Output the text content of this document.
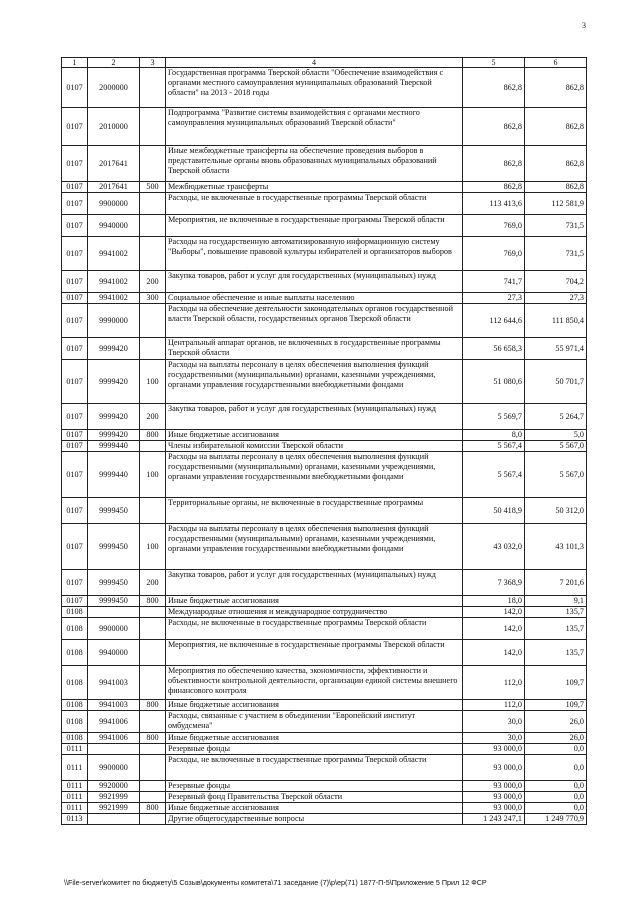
3
1	2	3	4	5	6
0107	2000000		Государственная программа Тверской области "Обеспечение взаимодействия с органами местного самоуправления муниципальных образований Тверской области" на 2013 - 2018 годы	862,8	862,8
0107	2010000		Подпрограмма "Развитие системы взаимодействия с органами местного самоуправления муниципальных образований Тверской области"	862,8	862,8
0107	2017641		Иные межбюджетные трансферты на обеспечение проведения выборов в представительные органы вновь образованных муниципальных образований Тверской области	862,8	862,8
0107	2017641	500	Межбюджетные трансферты	862,8	862,8
0107	9900000		Расходы, не включенные в государственные программы Тверской области	113 413,6	112 581,9
0107	9940000		Мероприятия, не включенные в государственные программы Тверской области	769,0	731,5
0107	9941002		Расходы на государственную автоматизированную информационную систему "Выборы", повышение правовой культуры избирателей и организаторов выборов	769,0	731,5
0107	9941002	200	Закупка товаров, работ и услуг для государственных (муниципальных) нужд	741,7	704,2
0107	9941002	300	Социальное обеспечение и иные выплаты населению	27,3	27,3
0107	9990000		Расходы на обеспечение деятельности законодательных органов государственной власти Тверской области, государственных органов Тверской области	112 644,6	111 850,4
0107	9999420		Центральный аппарат органов, не включенных в государственные программы Тверской области	56 658,3	55 971,4
0107	9999420	100	Расходы на выплаты персоналу в целях обеспечения выполнения функций государственными (муниципальными) органами, казенными учреждениями, органами управления государственными внебюджетными фондами	51 080,6	50 701,7
0107	9999420	200	Закупка товаров, работ и услуг для государственных (муниципальных) нужд	5 569,7	5 264,7
0107	9999420	800	Иные бюджетные ассигнования	8,0	5,0
0107	9999440		Члены избирательной комиссии Тверской области	5 567,4	5 567,0
0107	9999440	100	Расходы на выплаты персоналу в целях обеспечения выполнения функций государственными (муниципальными) органами, казенными учреждениями, органами управления государственными внебюджетными фондами	5 567,4	5 567,0
0107	9999450		Территориальные органы, не включенные в государственные программы	50 418,9	50 312,0
0107	9999450	100	Расходы на выплаты персоналу в целях обеспечения выполнения функций государственными (муниципальными) органами, казенными учреждениями, органами управления государственными внебюджетными фондами	43 032,0	43 101,3
0107	9999450	200	Закупка товаров, работ и услуг для государственных (муниципальных) нужд	7 368,9	7 201,6
0107	9999450	800	Иные бюджетные ассигнования	18,0	9,1
0108			Международные отношения и международное сотрудничество	142,0	135,7
0108	9900000		Расходы, не включенные в государственные программы Тверской области	142,0	135,7
0108	9940000		Мероприятия, не включенные в государственные программы Тверской области	142,0	135,7
0108	9941003		Мероприятия по обеспечению качества, экономичности, эффективности и объективности контрольной деятельности, организации единой системы внешнего финансового контроля	112,0	109,7
0108	9941003	800	Иные бюджетные ассигнования	112,0	109,7
0108	9941006		Расходы, связанные с участием в объединении "Европейский институт омбудсмена"	30,0	26,0
0108	9941006	800	Иные бюджетные ассигнования	30,0	26,0
0111			Резервные фонды	93 000,0	0,0
0111	9900000		Расходы, не включенные в государственные программы Тверской области	93 000,0	0,0
0111	9920000		Резервные фонды	93 000,0	0,0
0111	9921999		Резервный фонд Правительства Тверской области	93 000,0	0,0
0111	9921999	800	Иные бюджетные ассигнования	93 000,0	0,0
0113			Другие общегосударственные вопросы	1 243 247,1	1 249 770,9
\\File-server\комитет по бюджету\5 Созыв\документы комитета\71 заседание (7)\р\ер(71) 1877-П-5\Приложение 5 Прил 12 ФСР
